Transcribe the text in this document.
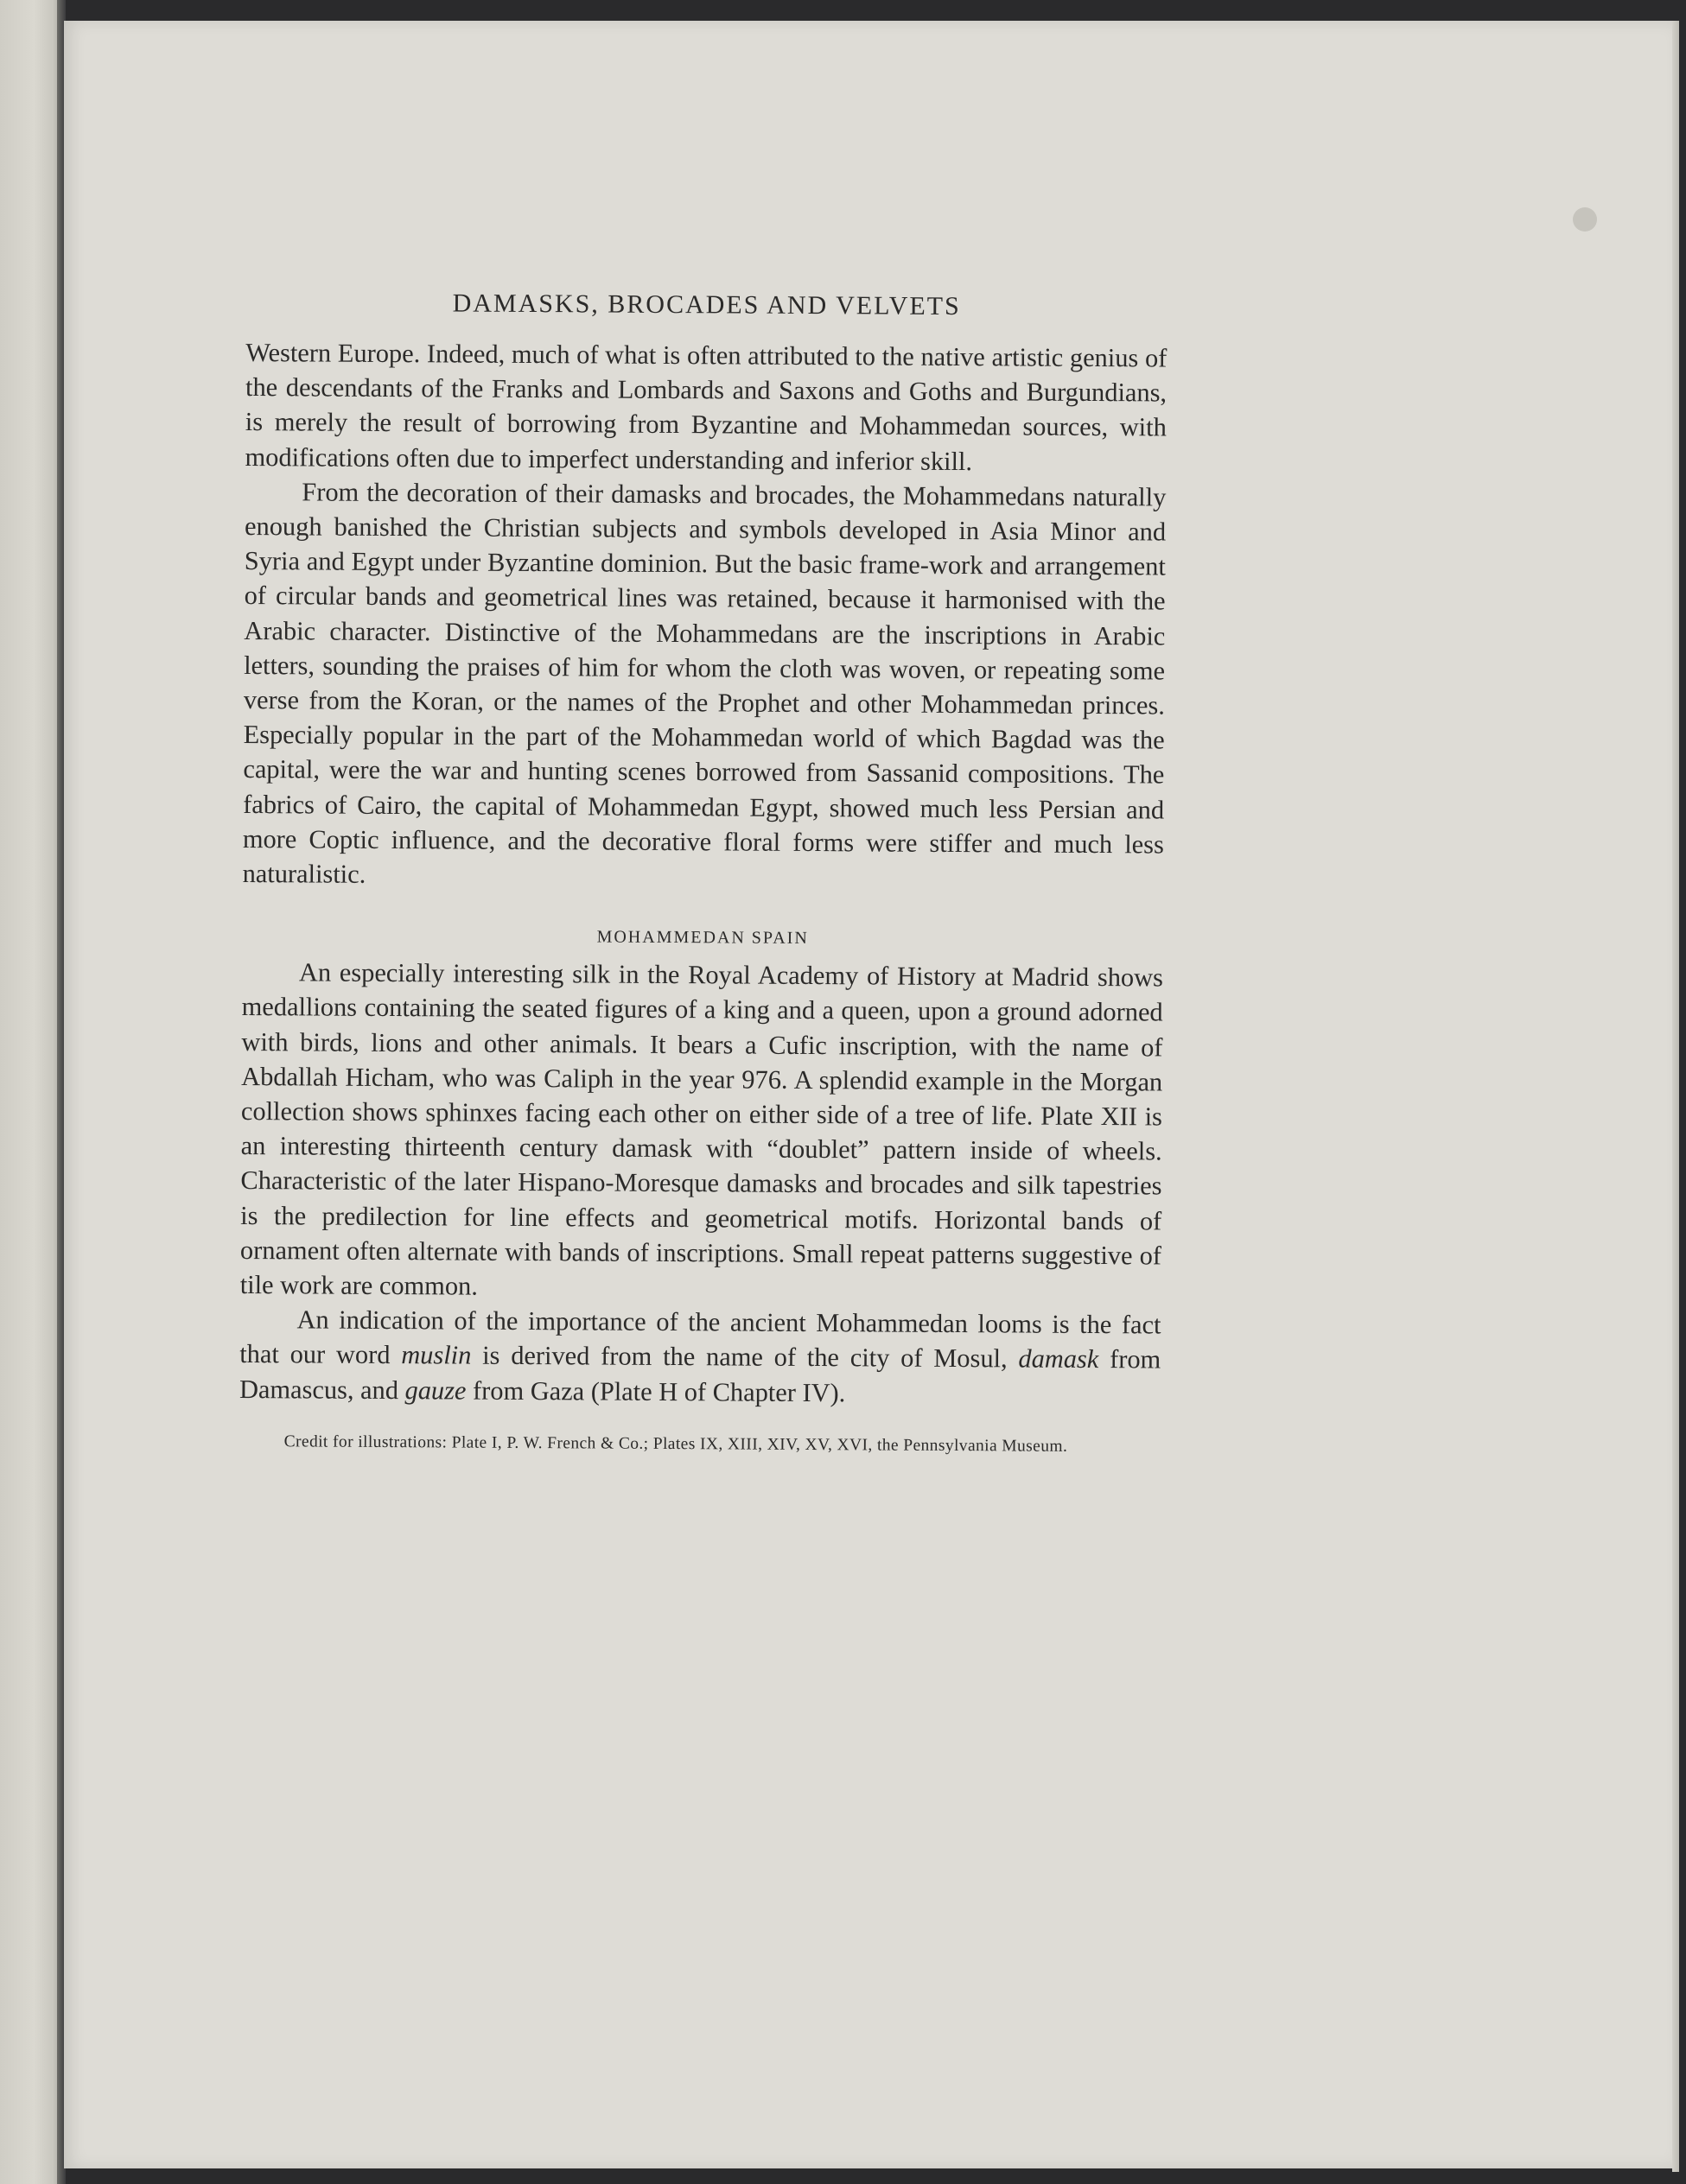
DAMASKS, BROCADES AND VELVETS

Western Europe. Indeed, much of what is often attributed to the native artistic genius of the descendants of the Franks and Lombards and Saxons and Goths and Burgundians, is merely the result of borrowing from Byzantine and Mohammedan sources, with modifications often due to imperfect understanding and inferior skill.

From the decoration of their damasks and brocades, the Mohammedans naturally enough banished the Christian subjects and symbols developed in Asia Minor and Syria and Egypt under Byzantine dominion. But the basic frame-work and arrangement of circular bands and geometrical lines was retained, because it harmonised with the Arabic character. Distinctive of the Mohammedans are the inscriptions in Arabic letters, sounding the praises of him for whom the cloth was woven, or repeating some verse from the Koran, or the names of the Prophet and other Mohammedan princes. Especially popular in the part of the Mohammedan world of which Bagdad was the capital, were the war and hunting scenes borrowed from Sassanid compositions. The fabrics of Cairo, the capital of Mohammedan Egypt, showed much less Persian and more Coptic influence, and the decorative floral forms were stiffer and much less naturalistic.

MOHAMMEDAN SPAIN

An especially interesting silk in the Royal Academy of History at Madrid shows medallions containing the seated figures of a king and a queen, upon a ground adorned with birds, lions and other animals. It bears a Cufic inscription, with the name of Abdallah Hicham, who was Caliph in the year 976. A splendid example in the Morgan collection shows sphinxes facing each other on either side of a tree of life. Plate XII is an interesting thirteenth century damask with “doublet” pattern inside of wheels. Characteristic of the later Hispano-Moresque damasks and brocades and silk tapestries is the predilection for line effects and geometrical motifs. Horizontal bands of ornament often alternate with bands of inscriptions. Small repeat patterns suggestive of tile work are common.

An indication of the importance of the ancient Mohammedan looms is the fact that our word muslin is derived from the name of the city of Mosul, damask from Damascus, and gauze from Gaza (Plate H of Chapter IV).

Credit for illustrations: Plate I, P. W. French & Co.; Plates IX, XIII, XIV, XV, XVI, the Pennsylvania Museum.
